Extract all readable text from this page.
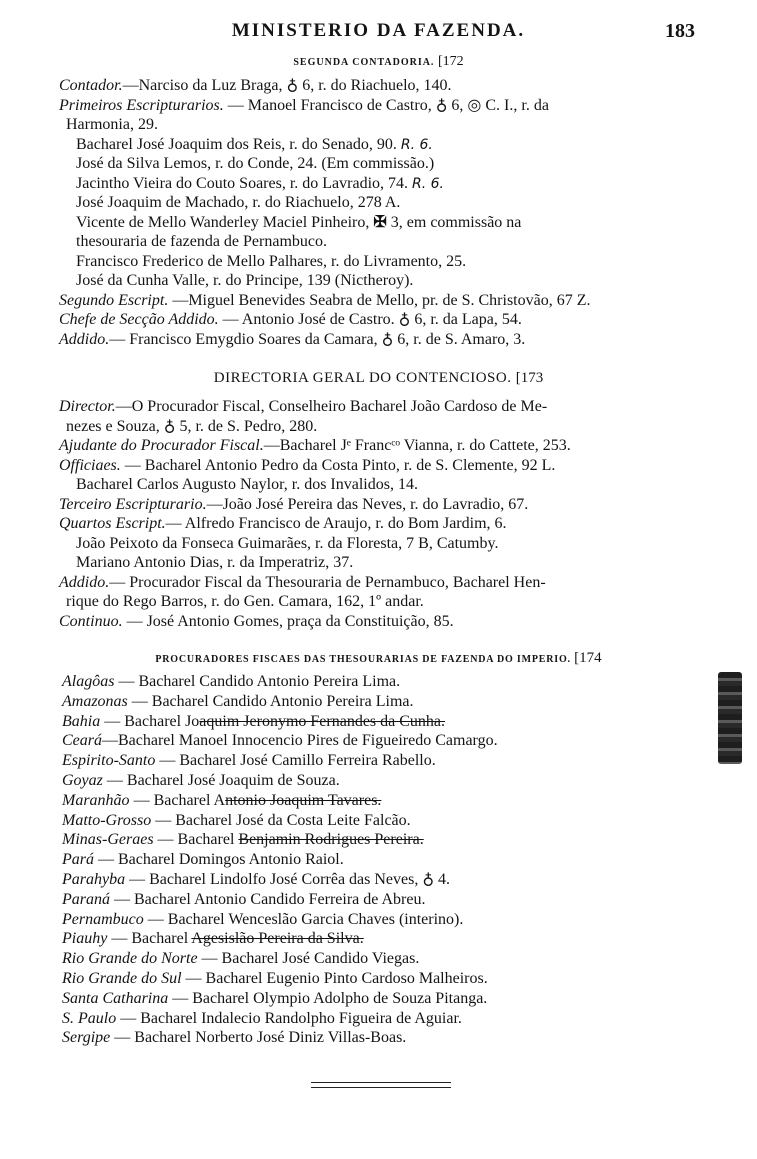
MINISTERIO DA FAZENDA.	183
SEGUNDA CONTADORIA. [172
Contador.—Narciso da Luz Braga, ♁ 6, r. do Riachuelo, 140.
Primeiros Escripturarios. — Manoel Francisco de Castro, ♁ 6, ◎ C. I., r. da
Harmonia, 29.
Bacharel José Joaquim dos Reis, r. do Senado, 90. R. 6.
José da Silva Lemos, r. do Conde, 24. (Em commissão.)
Jacintho Vieira do Couto Soares, r. do Lavradio, 74. R. 6.
José Joaquim de Machado, r. do Riachuelo, 278 A.
Vicente de Mello Wanderley Maciel Pinheiro, ✠ 3, em commissão na
thesouraria de fazenda de Pernambuco.
Francisco Frederico de Mello Palhares, r. do Livramento, 25.
José da Cunha Valle, r. do Principe, 139 (Nictheroy).
Segundo Escript. —Miguel Benevides Seabra de Mello, pr. de S. Christovão, 67 Z.
Chefe de Secção Addido. — Antonio José de Castro. ♁ 6, r. da Lapa, 54.
Addido.— Francisco Emygdio Soares da Camara, ♁ 6, r. de S. Amaro, 3.
DIRECTORIA GERAL DO CONTENCIOSO. [173
Director.—O Procurador Fiscal, Conselheiro Bacharel João Cardoso de Me-
nezes e Souza, ♁ 5, r. de S. Pedro, 280.
Ajudante do Procurador Fiscal.—Bacharel Jᵉ Francᶜᵒ Vianna, r. do Cattete, 253.
Officiaes. — Bacharel Antonio Pedro da Costa Pinto, r. de S. Clemente, 92 L.
Bacharel Carlos Augusto Naylor, r. dos Invalidos, 14.
Terceiro Escripturario.—João José Pereira das Neves, r. do Lavradio, 67.
Quartos Escript.— Alfredo Francisco de Araujo, r. do Bom Jardim, 6.
João Peixoto da Fonseca Guimarães, r. da Floresta, 7 B, Catumby.
Mariano Antonio Dias, r. da Imperatriz, 37.
Addido.— Procurador Fiscal da Thesouraria de Pernambuco, Bacharel Hen-
rique do Rego Barros, r. do Gen. Camara, 162, 1º andar.
Continuo. — José Antonio Gomes, praça da Constituição, 85.
PROCURADORES FISCAES DAS THESOURARIAS DE FAZENDA DO IMPERIO. [174
Alagôas — Bacharel Candido Antonio Pereira Lima.
Amazonas — Bacharel Candido Antonio Pereira Lima.
Bahia — Bacharel Joaquim Jeronymo Fernandes da Cunha.
Ceará—Bacharel Manoel Innocencio Pires de Figueiredo Camargo.
Espirito-Santo — Bacharel José Camillo Ferreira Rabello.
Goyaz — Bacharel José Joaquim de Souza.
Maranhão — Bacharel Antonio Joaquim Tavares.
Matto-Grosso — Bacharel José da Costa Leite Falcão.
Minas-Geraes — Bacharel Benjamin Rodrigues Pereira.
Pará — Bacharel Domingos Antonio Raiol.
Parahyba — Bacharel Lindolfo José Corrêa das Neves, ♁ 4.
Paraná — Bacharel Antonio Candido Ferreira de Abreu.
Pernambuco — Bacharel Wenceslão Garcia Chaves (interino).
Piauhy — Bacharel Agesislão Pereira da Silva.
Rio Grande do Norte — Bacharel José Candido Viegas.
Rio Grande do Sul — Bacharel Eugenio Pinto Cardoso Malheiros.
Santa Catharina — Bacharel Olympio Adolpho de Souza Pitanga.
S. Paulo — Bacharel Indalecio Randolpho Figueira de Aguiar.
Sergipe — Bacharel Norberto José Diniz Villas-Boas.
